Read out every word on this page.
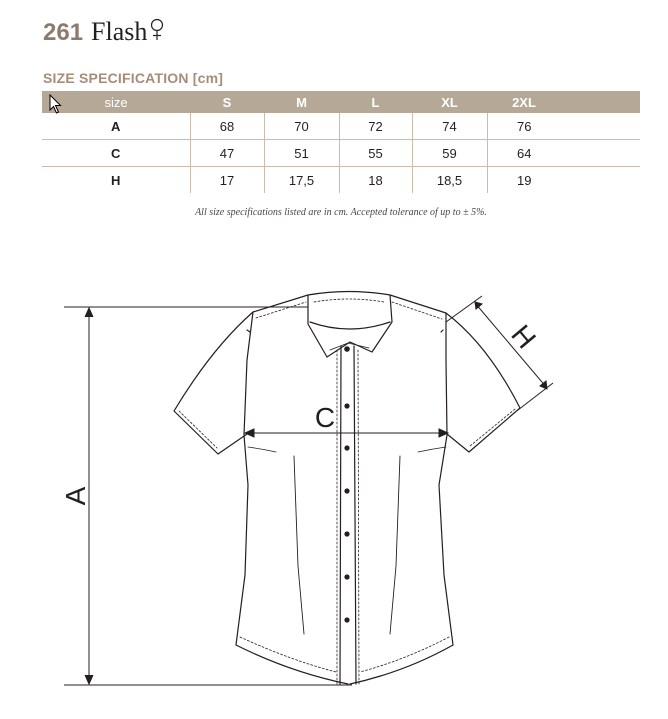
261 Flash
SIZE SPECIFICATION [cm]
size	S	M	L	XL	2XL	
A	68	70	72	74	76	
C	47	51	55	59	64	
H	17	17,5	18	18,5	19	
All size specifications listed are in cm. Accepted tolerance of up to ± 5%.
A
C
H
